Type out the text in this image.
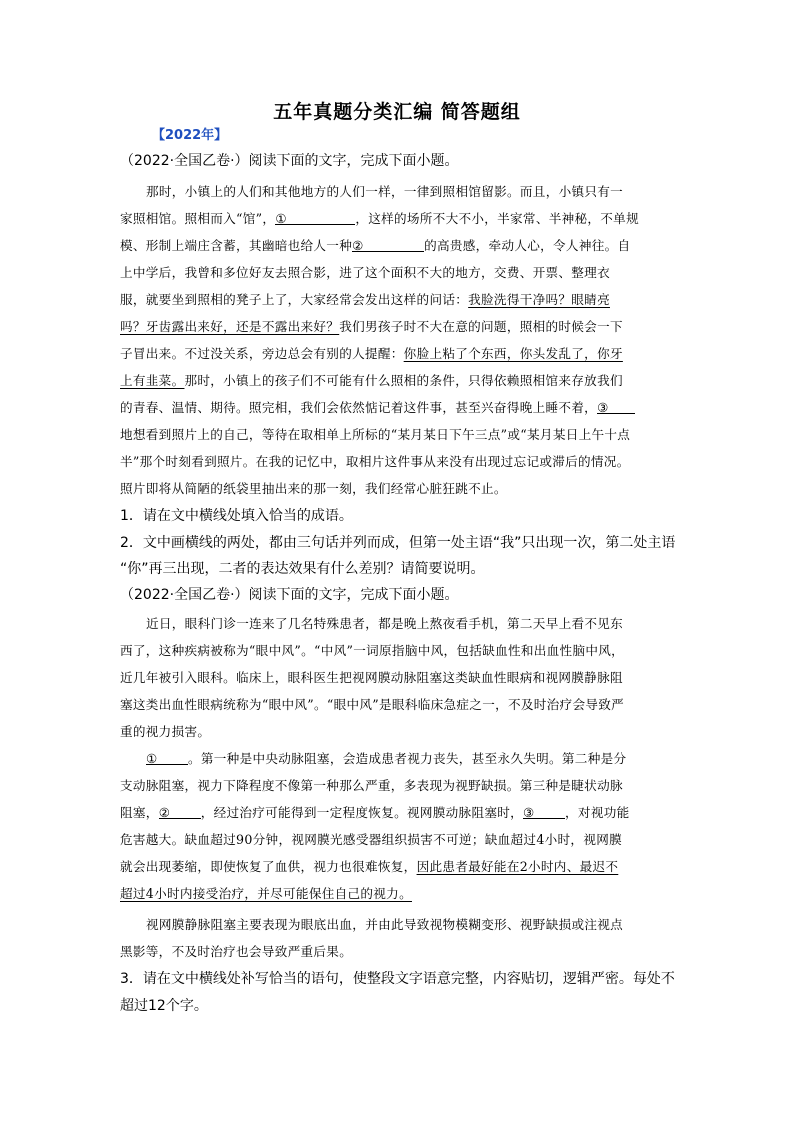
五年真题分类汇编 简答题组
【2022年】
（2022·全国乙卷·）阅读下面的文字，完成下面小题。
那时，小镇上的人们和其他地方的人们一样，一律到照相馆留影。而且，小镇只有一
家照相馆。照相而入“馆”，①	，这样的场所不大不小，半家常、半神秘，不单规
模、形制上端庄含蓄，其幽暗也给人一种②	的高贵感，牵动人心，令人神往。自
上中学后，我曾和多位好友去照合影，进了这个面积不大的地方，交费、开票、整理衣
服，就要坐到照相的凳子上了，大家经常会发出这样的问话：我脸洗得干净吗？眼睛亮
吗？牙齿露出来好，还是不露出来好？我们男孩子时不大在意的问题，照相的时候会一下
子冒出来。不过没关系，旁边总会有别的人提醒：你脸上粘了个东西，你头发乱了，你牙
上有韭菜。那时，小镇上的孩子们不可能有什么照相的条件，只得依赖照相馆来存放我们
的青春、温情、期待。照完相，我们会依然惦记着这件事，甚至兴奋得晚上睡不着，③
地想看到照片上的自己，等待在取相单上所标的“某月某日下午三点”或“某月某日上午十点
半”那个时刻看到照片。在我的记忆中，取相片这件事从来没有出现过忘记或滞后的情况。
照片即将从简陋的纸袋里抽出来的那一刻，我们经常心脏狂跳不止。
1．请在文中横线处填入恰当的成语。
2．文中画横线的两处，都由三句话并列而成，但第一处主语“我”只出现一次，第二处主语
“你”再三出现，二者的表达效果有什么差别？请简要说明。
（2022·全国乙卷·）阅读下面的文字，完成下面小题。
近日，眼科门诊一连来了几名特殊患者，都是晚上熬夜看手机，第二天早上看不见东
西了，这种疾病被称为“眼中风”。“中风”一词原指脑中风，包括缺血性和出血性脑中风，
近几年被引入眼科。临床上，眼科医生把视网膜动脉阻塞这类缺血性眼病和视网膜静脉阻
塞这类出血性眼病统称为“眼中风”。“眼中风”是眼科临床急症之一，不及时治疗会导致严
重的视力损害。
① 。第一种是中央动脉阻塞，会造成患者视力丧失，甚至永久失明。第二种是分
支动脉阻塞，视力下降程度不像第一种那么严重，多表现为视野缺损。第三种是睫状动脉
阻塞，② ，经过治疗可能得到一定程度恢复。视网膜动脉阻塞时，③ ，对视功能
危害越大。缺血超过90分钟，视网膜光感受器组织损害不可逆；缺血超过4小时，视网膜
就会出现萎缩，即使恢复了血供，视力也很难恢复，因此患者最好能在2小时内、最迟不
超过4小时内接受治疗，并尽可能保住自己的视力。
视网膜静脉阻塞主要表现为眼底出血，并由此导致视物模糊变形、视野缺损或注视点
黑影等，不及时治疗也会导致严重后果。
3．请在文中横线处补写恰当的语句，使整段文字语意完整，内容贴切，逻辑严密。每处不
超过12个字。
